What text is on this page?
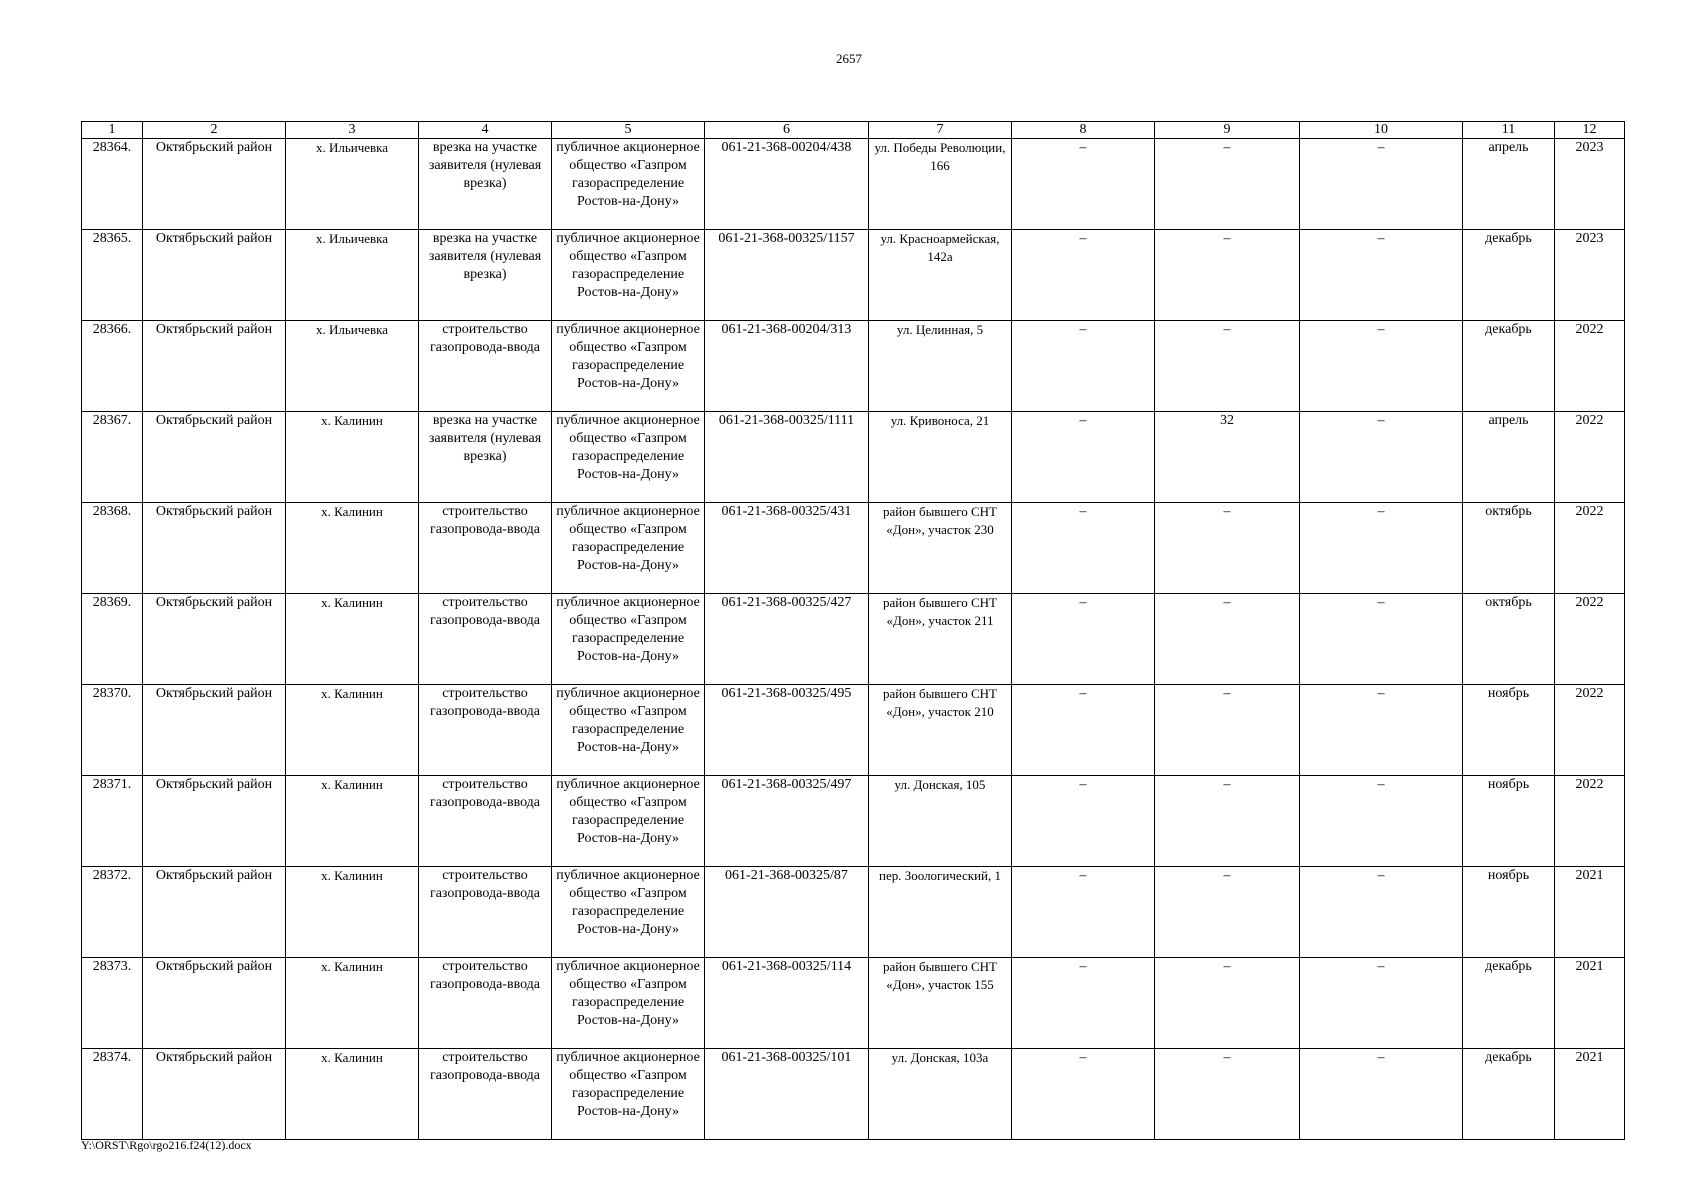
2657
1	2	3	4	5	6	7	8	9	10	11	12
28364.	Октябрьский район	х. Ильичевка	врезка на участке заявителя (нулевая врезка)	публичное акционерное общество «Газпром газораспределение Ростов-на-Дону»	061-21-368-00204/438	ул. Победы Революции, 166	–	–	–	апрель	2023
28365.	Октябрьский район	х. Ильичевка	врезка на участке заявителя (нулевая врезка)	публичное акционерное общество «Газпром газораспределение Ростов-на-Дону»	061-21-368-00325/1157	ул. Красноармейская, 142а	–	–	–	декабрь	2023
28366.	Октябрьский район	х. Ильичевка	строительство газопровода-ввода	публичное акционерное общество «Газпром газораспределение Ростов-на-Дону»	061-21-368-00204/313	ул. Целинная, 5	–	–	–	декабрь	2022
28367.	Октябрьский район	х. Калинин	врезка на участке заявителя (нулевая врезка)	публичное акционерное общество «Газпром газораспределение Ростов-на-Дону»	061-21-368-00325/1111	ул. Кривоноса, 21	–	32	–	апрель	2022
28368.	Октябрьский район	х. Калинин	строительство газопровода-ввода	публичное акционерное общество «Газпром газораспределение Ростов-на-Дону»	061-21-368-00325/431	район бывшего СНТ «Дон», участок 230	–	–	–	октябрь	2022
28369.	Октябрьский район	х. Калинин	строительство газопровода-ввода	публичное акционерное общество «Газпром газораспределение Ростов-на-Дону»	061-21-368-00325/427	район бывшего СНТ «Дон», участок 211	–	–	–	октябрь	2022
28370.	Октябрьский район	х. Калинин	строительство газопровода-ввода	публичное акционерное общество «Газпром газораспределение Ростов-на-Дону»	061-21-368-00325/495	район бывшего СНТ «Дон», участок 210	–	–	–	ноябрь	2022
28371.	Октябрьский район	х. Калинин	строительство газопровода-ввода	публичное акционерное общество «Газпром газораспределение Ростов-на-Дону»	061-21-368-00325/497	ул. Донская, 105	–	–	–	ноябрь	2022
28372.	Октябрьский район	х. Калинин	строительство газопровода-ввода	публичное акционерное общество «Газпром газораспределение Ростов-на-Дону»	061-21-368-00325/87	пер. Зоологический, 1	–	–	–	ноябрь	2021
28373.	Октябрьский район	х. Калинин	строительство газопровода-ввода	публичное акционерное общество «Газпром газораспределение Ростов-на-Дону»	061-21-368-00325/114	район бывшего СНТ «Дон», участок 155	–	–	–	декабрь	2021
28374.	Октябрьский район	х. Калинин	строительство газопровода-ввода	публичное акционерное общество «Газпром газораспределение Ростов-на-Дону»	061-21-368-00325/101	ул. Донская, 103а	–	–	–	декабрь	2021
Y:\ORST\Rgo\rgo216.f24(12).docx
